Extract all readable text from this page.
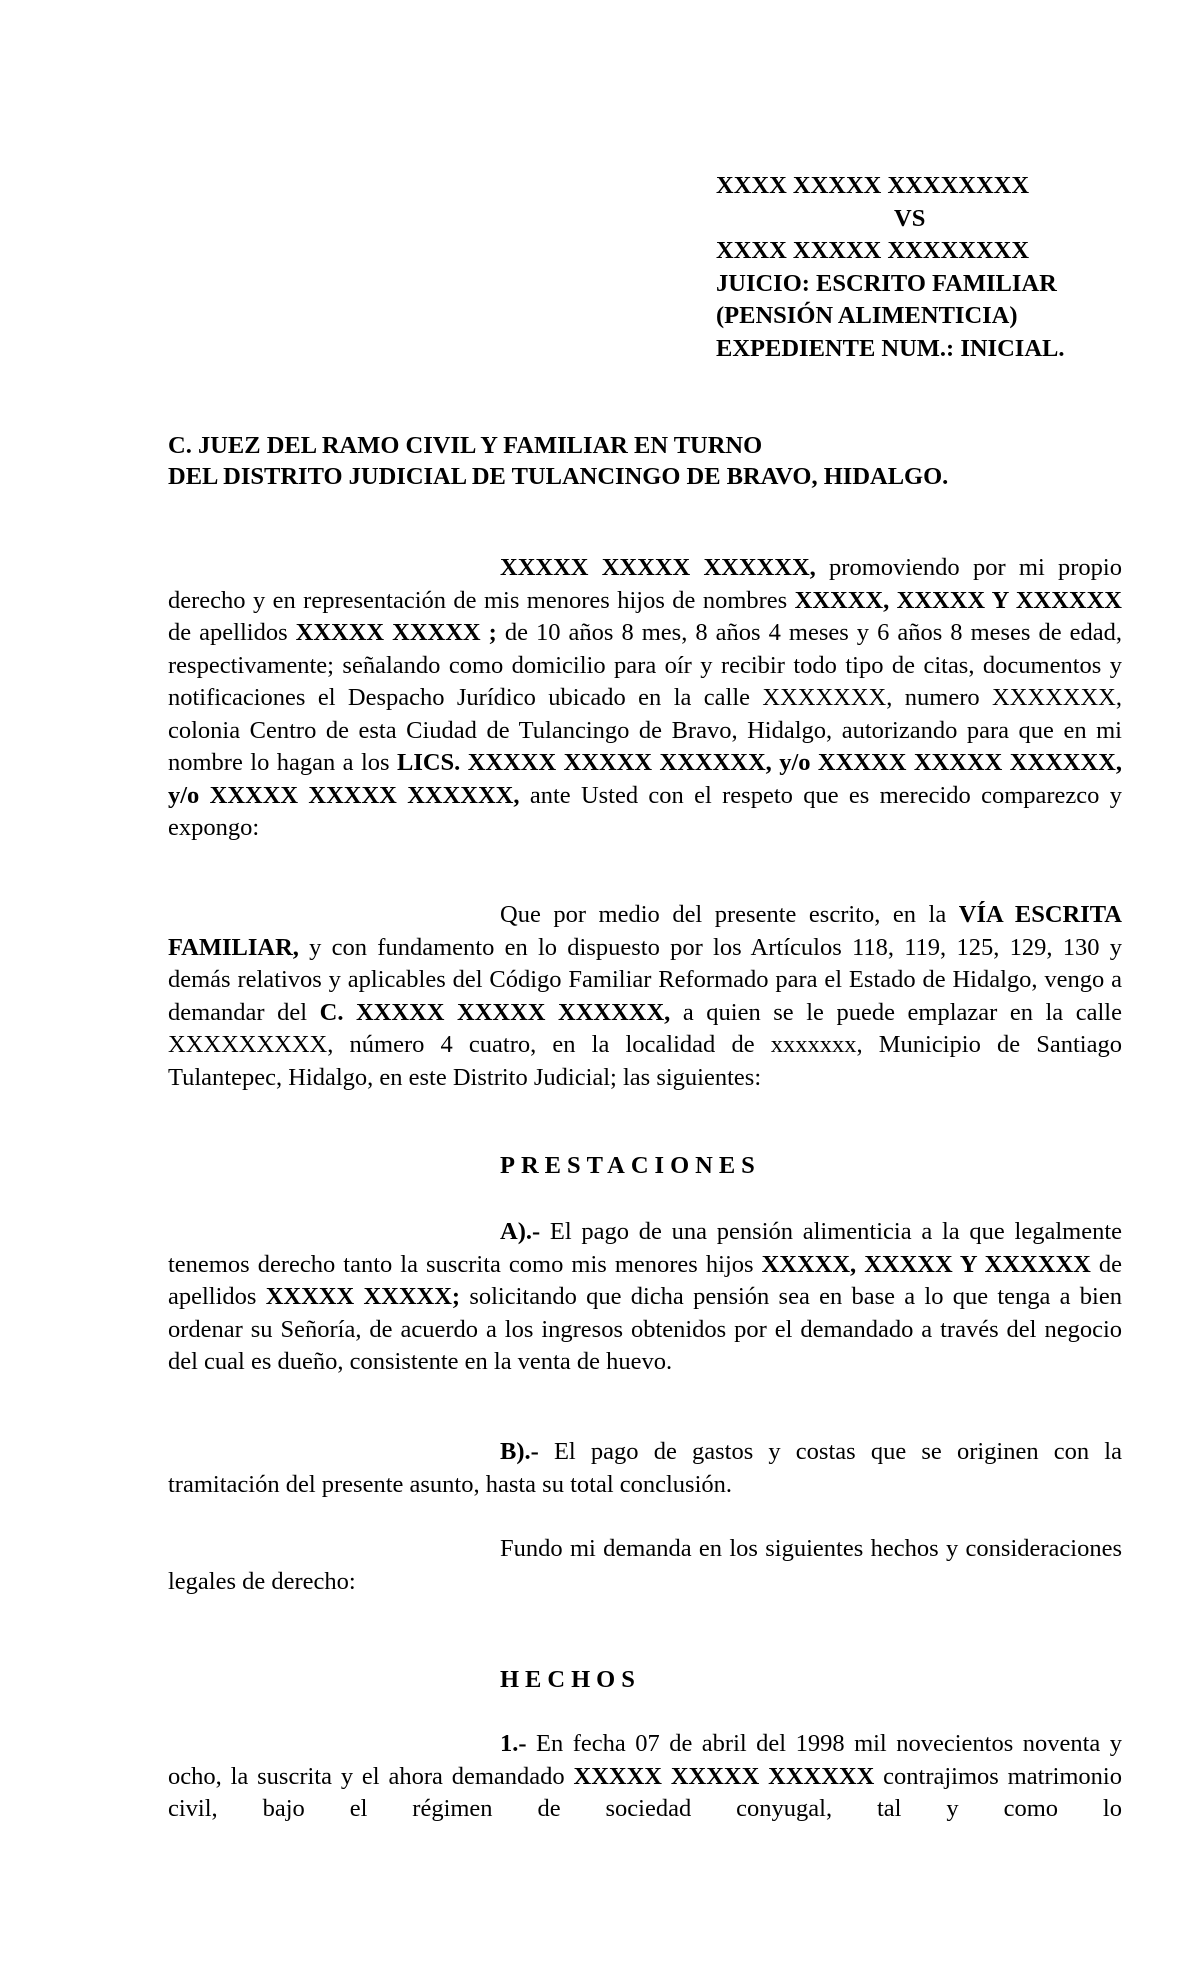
XXXX XXXXX XXXXXXXX
VS
XXXX XXXXX XXXXXXXX
JUICIO: ESCRITO FAMILIAR
(PENSIÓN ALIMENTICIA)
EXPEDIENTE NUM.: INICIAL.
C. JUEZ DEL RAMO CIVIL Y FAMILIAR EN TURNO
DEL DISTRITO JUDICIAL DE TULANCINGO DE BRAVO, HIDALGO.

XXXXX XXXXX XXXXXX, promoviendo por mi propio derecho y en representación de mis menores hijos de nombres XXXXX, XXXXX Y XXXXXX de apellidos XXXXX XXXXX ; de 10 años 8 mes, 8 años 4 meses y 6 años 8 meses de edad, respectivamente; señalando como domicilio para oír y recibir todo tipo de citas, documentos y notificaciones el Despacho Jurídico ubicado en la calle XXXXXXX, numero XXXXXXX, colonia Centro de esta Ciudad de Tulancingo de Bravo, Hidalgo, autorizando para que en mi nombre lo hagan a los LICS. XXXXX XXXXX XXXXXX, y/o XXXXX XXXXX XXXXXX, y/o XXXXX XXXXX XXXXXX, ante Usted con el respeto que es merecido comparezco y expongo:

Que por medio del presente escrito, en la VÍA ESCRITA FAMILIAR, y con fundamento en lo dispuesto por los Artículos 118, 119, 125, 129, 130 y demás relativos y aplicables del Código Familiar Reformado para el Estado de Hidalgo, vengo a demandar del C. XXXXX XXXXX XXXXXX, a quien se le puede emplazar en la calle XXXXXXXXX, número 4 cuatro, en la localidad de xxxxxxx, Municipio de Santiago Tulantepec, Hidalgo, en este Distrito Judicial; las siguientes:

PRESTACIONES

A).- El pago de una pensión alimenticia a la que legalmente tenemos derecho tanto la suscrita como mis menores hijos XXXXX, XXXXX Y XXXXXX de apellidos XXXXX XXXXX; solicitando que dicha pensión sea en base a lo que tenga a bien ordenar su Señoría, de acuerdo a los ingresos obtenidos por el demandado a través del negocio del cual es dueño, consistente en la venta de huevo.

B).- El pago de gastos y costas que se originen con la tramitación del presente asunto, hasta su total conclusión.

Fundo mi demanda en los siguientes hechos y consideraciones legales de derecho:

HECHOS

1.- En fecha 07 de abril del 1998 mil novecientos noventa y ocho, la suscrita y el ahora demandado XXXXX XXXXX XXXXXX contrajimos matrimonio civil, bajo el régimen de sociedad conyugal, tal y como lo
